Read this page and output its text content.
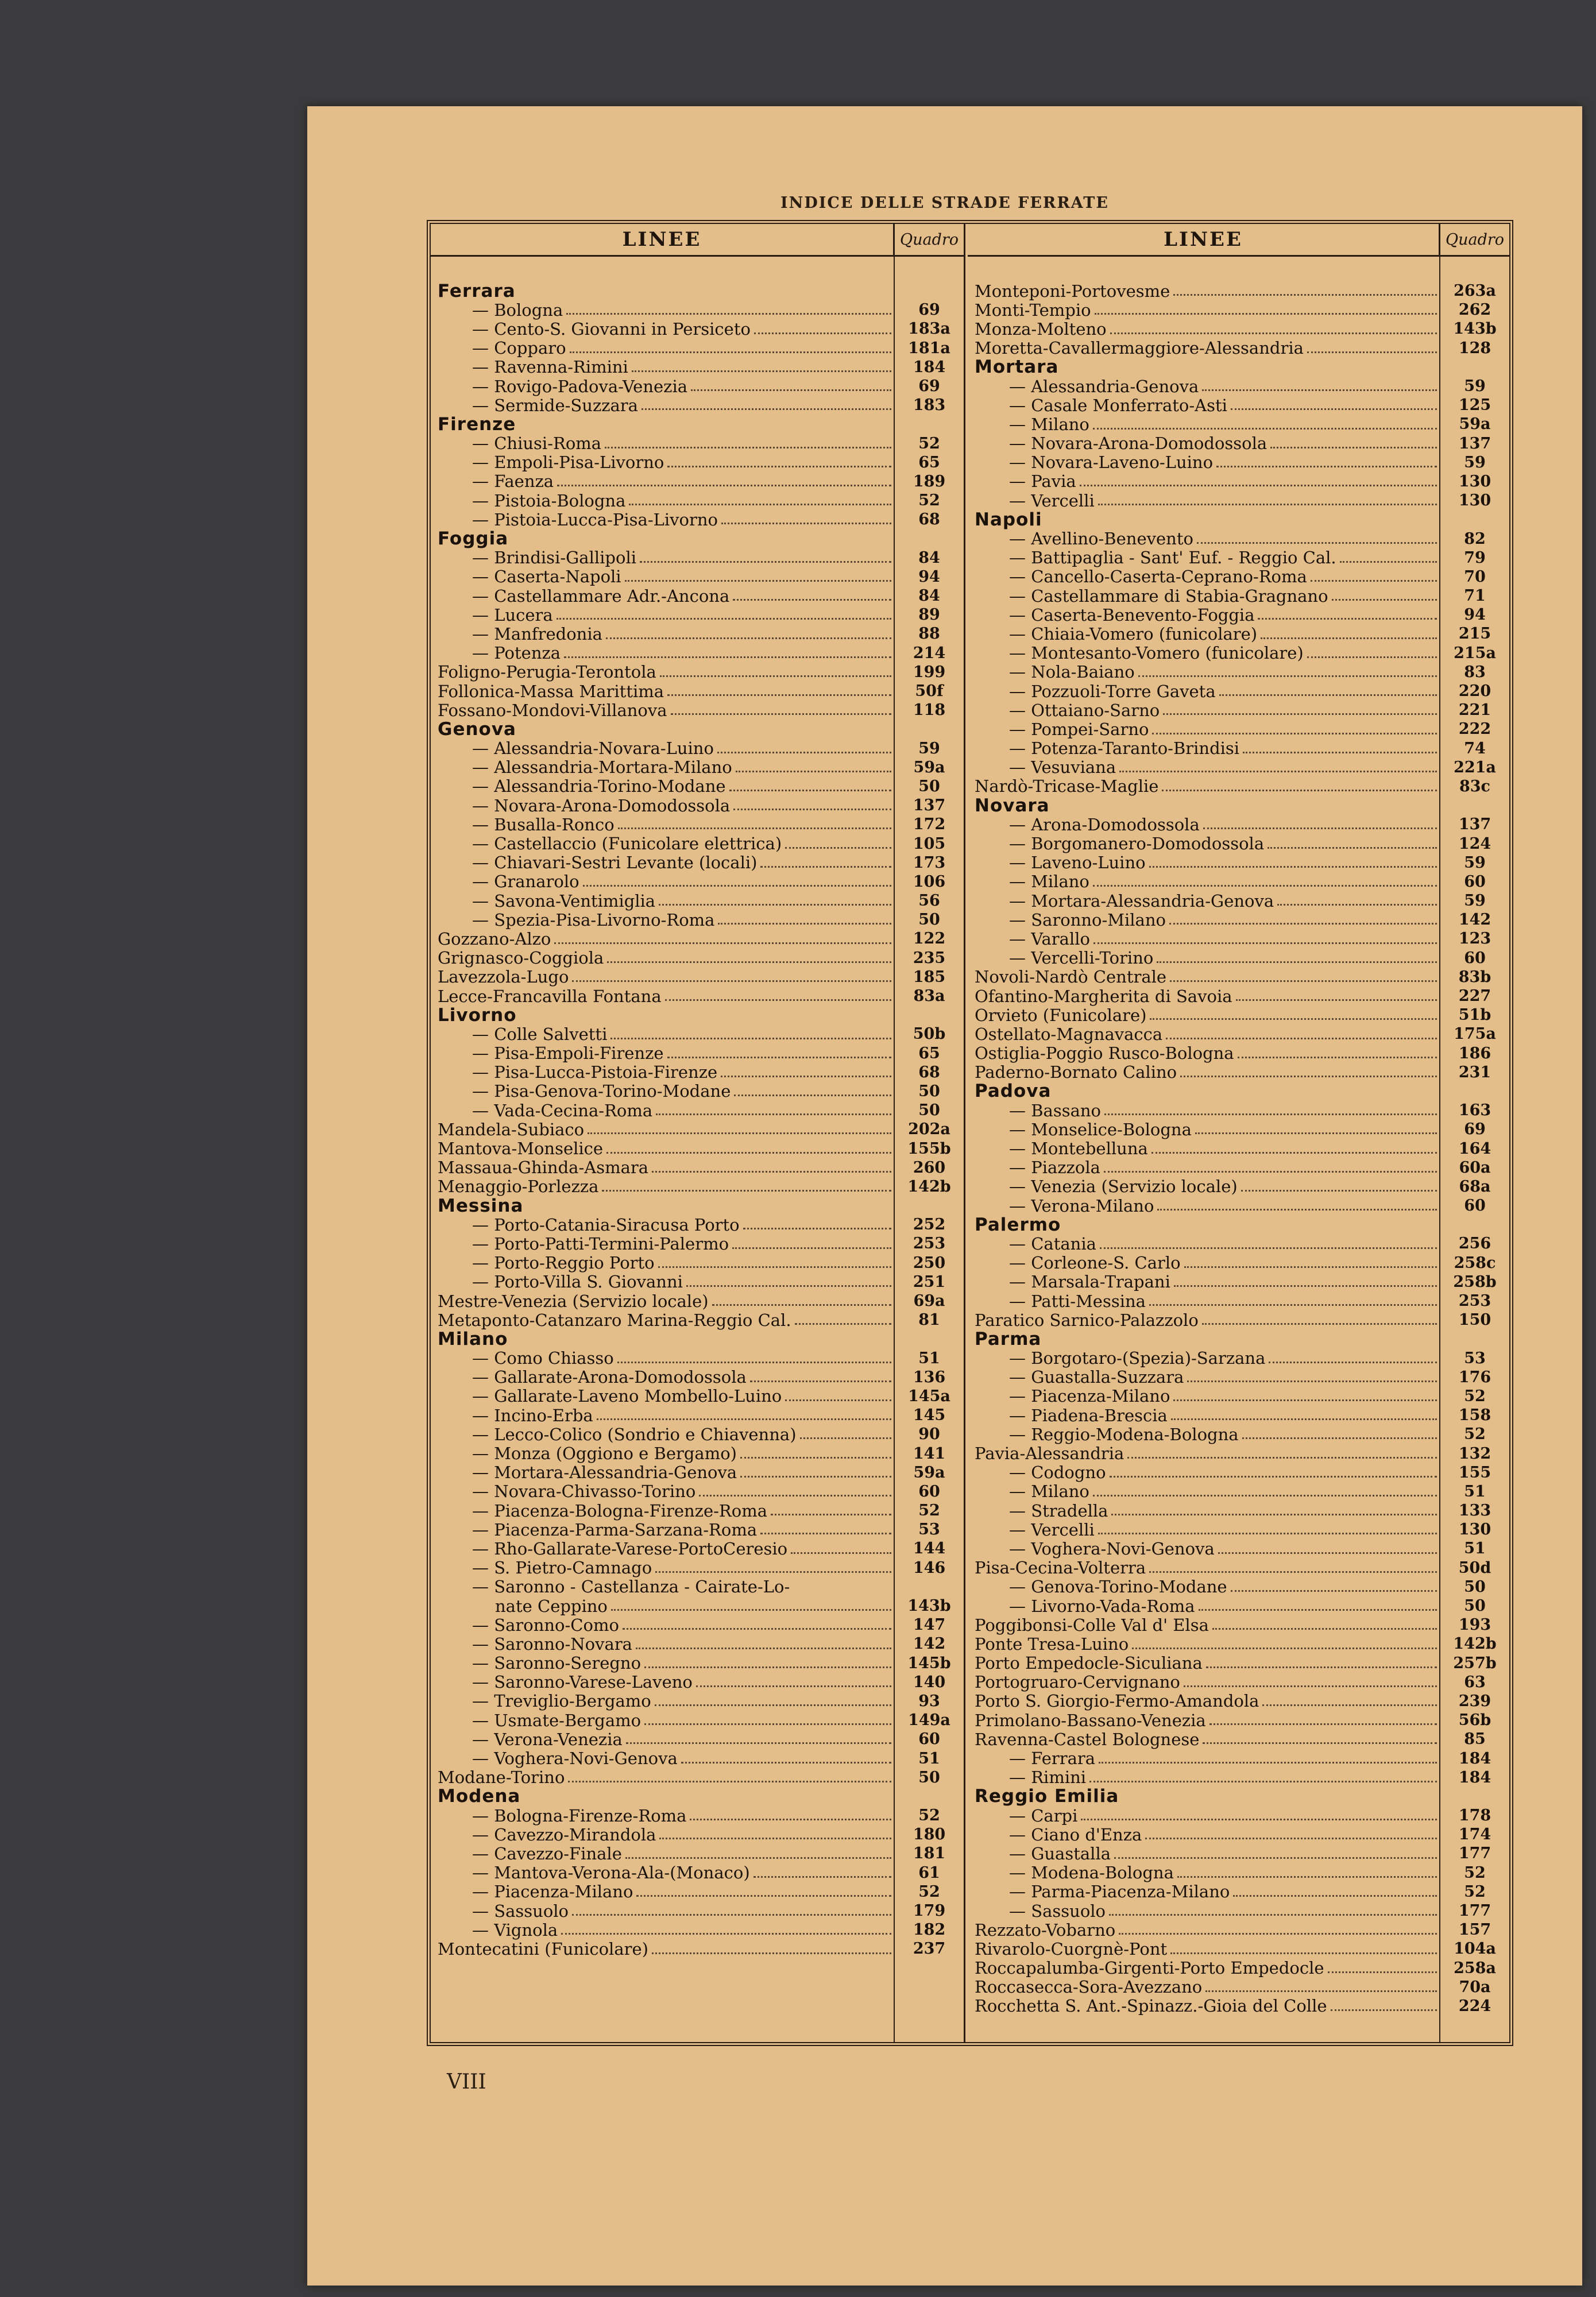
INDICE DELLE STRADE FERRATE
LINEE	Quadro
Ferrara
— Bologna	69
— Cento-S. Giovanni in Persiceto	183a
— Copparo	181a
— Ravenna-Rimini	184
— Rovigo-Padova-Venezia	69
— Sermide-Suzzara	183
Firenze
— Chiusi-Roma	52
— Empoli-Pisa-Livorno	65
— Faenza	189
— Pistoia-Bologna	52
— Pistoia-Lucca-Pisa-Livorno	68
Foggia
— Brindisi-Gallipoli	84
— Caserta-Napoli	94
— Castellammare Adr.-Ancona	84
— Lucera	89
— Manfredonia	88
— Potenza	214
Foligno-Perugia-Terontola	199
Follonica-Massa Marittima	50f
Fossano-Mondovi-Villanova	118
Genova
— Alessandria-Novara-Luino	59
— Alessandria-Mortara-Milano	59a
— Alessandria-Torino-Modane	50
— Novara-Arona-Domodossola	137
— Busalla-Ronco	172
— Castellaccio (Funicolare elettrica)	105
— Chiavari-Sestri Levante (locali)	173
— Granarolo	106
— Savona-Ventimiglia	56
— Spezia-Pisa-Livorno-Roma	50
Gozzano-Alzo	122
Grignasco-Coggiola	235
Lavezzola-Lugo	185
Lecce-Francavilla Fontana	83a
Livorno
— Colle Salvetti	50b
— Pisa-Empoli-Firenze	65
— Pisa-Lucca-Pistoia-Firenze	68
— Pisa-Genova-Torino-Modane	50
— Vada-Cecina-Roma	50
Mandela-Subiaco	202a
Mantova-Monselice	155b
Massaua-Ghinda-Asmara	260
Menaggio-Porlezza	142b
Messina
— Porto-Catania-Siracusa Porto	252
— Porto-Patti-Termini-Palermo	253
— Porto-Reggio Porto	250
— Porto-Villa S. Giovanni	251
Mestre-Venezia (Servizio locale)	69a
Metaponto-Catanzaro Marina-Reggio Cal.	81
Milano
— Como Chiasso	51
— Gallarate-Arona-Domodossola	136
— Gallarate-Laveno Mombello-Luino	145a
— Incino-Erba	145
— Lecco-Colico (Sondrio e Chiavenna)	90
— Monza (Oggiono e Bergamo)	141
— Mortara-Alessandria-Genova	59a
— Novara-Chivasso-Torino	60
— Piacenza-Bologna-Firenze-Roma	52
— Piacenza-Parma-Sarzana-Roma	53
— Rho-Gallarate-Varese-PortoCeresio	144
— S. Pietro-Camnago	146
— Saronno - Castellanza - Cairate-Lo-
nate Ceppino	143b
— Saronno-Como	147
— Saronno-Novara	142
— Saronno-Seregno	145b
— Saronno-Varese-Laveno	140
— Treviglio-Bergamo	93
— Usmate-Bergamo	149a
— Verona-Venezia	60
— Voghera-Novi-Genova	51
Modane-Torino	50
Modena
— Bologna-Firenze-Roma	52
— Cavezzo-Mirandola	180
— Cavezzo-Finale	181
— Mantova-Verona-Ala-(Monaco)	61
— Piacenza-Milano	52
— Sassuolo	179
— Vignola	182
Montecatini (Funicolare)	237
LINEE	Quadro
Monteponi-Portovesme	263a
Monti-Tempio	262
Monza-Molteno	143b
Moretta-Cavallermaggiore-Alessandria	128
Mortara
— Alessandria-Genova	59
— Casale Monferrato-Asti	125
— Milano	59a
— Novara-Arona-Domodossola	137
— Novara-Laveno-Luino	59
— Pavia	130
— Vercelli	130
Napoli
— Avellino-Benevento	82
— Battipaglia - Sant' Euf. - Reggio Cal.	79
— Cancello-Caserta-Ceprano-Roma	70
— Castellammare di Stabia-Gragnano	71
— Caserta-Benevento-Foggia	94
— Chiaia-Vomero (funicolare)	215
— Montesanto-Vomero (funicolare)	215a
— Nola-Baiano	83
— Pozzuoli-Torre Gaveta	220
— Ottaiano-Sarno	221
— Pompei-Sarno	222
— Potenza-Taranto-Brindisi	74
— Vesuviana	221a
Nardò-Tricase-Maglie	83c
Novara
— Arona-Domodossola	137
— Borgomanero-Domodossola	124
— Laveno-Luino	59
— Milano	60
— Mortara-Alessandria-Genova	59
— Saronno-Milano	142
— Varallo	123
— Vercelli-Torino	60
Novoli-Nardò Centrale	83b
Ofantino-Margherita di Savoia	227
Orvieto (Funicolare)	51b
Ostellato-Magnavacca	175a
Ostiglia-Poggio Rusco-Bologna	186
Paderno-Bornato Calino	231
Padova
— Bassano	163
— Monselice-Bologna	69
— Montebelluna	164
— Piazzola	60a
— Venezia (Servizio locale)	68a
— Verona-Milano	60
Palermo
— Catania	256
— Corleone-S. Carlo	258c
— Marsala-Trapani	258b
— Patti-Messina	253
Paratico Sarnico-Palazzolo	150
Parma
— Borgotaro-(Spezia)-Sarzana	53
— Guastalla-Suzzara	176
— Piacenza-Milano	52
— Piadena-Brescia	158
— Reggio-Modena-Bologna	52
Pavia-Alessandria	132
— Codogno	155
— Milano	51
— Stradella	133
— Vercelli	130
— Voghera-Novi-Genova	51
Pisa-Cecina-Volterra	50d
— Genova-Torino-Modane	50
— Livorno-Vada-Roma	50
Poggibonsi-Colle Val d' Elsa	193
Ponte Tresa-Luino	142b
Porto Empedocle-Siculiana	257b
Portogruaro-Cervignano	63
Porto S. Giorgio-Fermo-Amandola	239
Primolano-Bassano-Venezia	56b
Ravenna-Castel Bolognese	85
— Ferrara	184
— Rimini	184
Reggio Emilia
— Carpi	178
— Ciano d'Enza	174
— Guastalla	177
— Modena-Bologna	52
— Parma-Piacenza-Milano	52
— Sassuolo	177
Rezzato-Vobarno	157
Rivarolo-Cuorgnè-Pont	104a
Roccapalumba-Girgenti-Porto Empedocle	258a
Roccasecca-Sora-Avezzano	70a
Rocchetta S. Ant.-Spinazz.-Gioia del Colle	224
VIII
